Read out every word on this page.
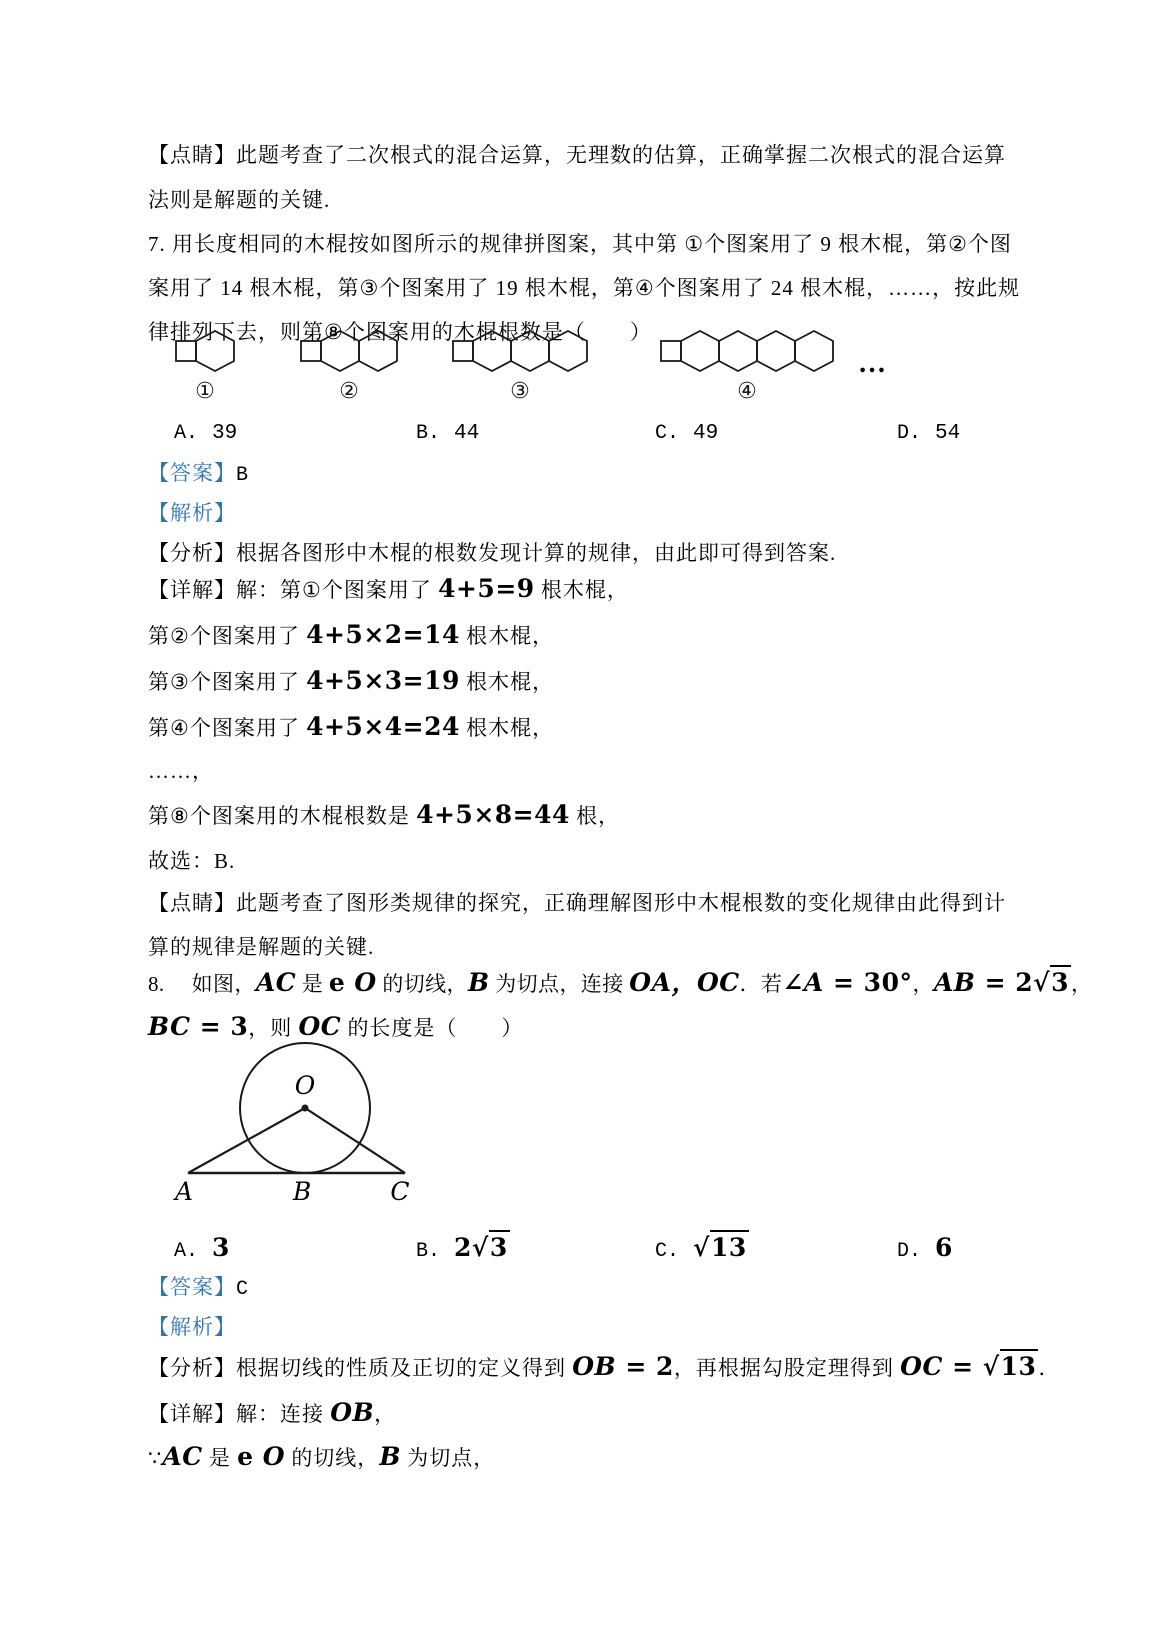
【点睛】此题考查了二次根式的混合运算，无理数的估算，正确掌握二次根式的混合运算
法则是解题的关键.
7. 用长度相同的木棍按如图所示的规律拼图案，其中第 ①个图案用了 9 根木棍，第②个图
案用了 14 根木棍，第③个图案用了 19 根木棍，第④个图案用了 24 根木棍，……，按此规
律排列下去，则第⑧个图案用的木棍根数是（　　）
①	②	③	④
…
A. 39	B. 44	C. 49	D. 54
【答案】B
【解析】
【分析】根据各图形中木棍的根数发现计算的规律，由此即可得到答案.
【详解】解：第①个图案用了 4+5=9 根木棍，
第②个图案用了 4+5×2=14 根木棍，
第③个图案用了 4+5×3=19 根木棍，
第④个图案用了 4+5×4=24 根木棍，
……，
第⑧个图案用的木棍根数是 4+5×8=44 根，
故选：B.
【点睛】此题考查了图形类规律的探究，正确理解图形中木棍根数的变化规律由此得到计
算的规律是解题的关键.
8.　 如图，AC 是 e O 的切线，B 为切点，连接 OA，OC．若∠A = 30°，AB = 2√3，
BC = 3，则 OC 的长度是（　　）
O
A	B	C
A. 3	B. 2√3	C. √13	D. 6
【答案】C
【解析】
【分析】根据切线的性质及正切的定义得到 OB = 2，再根据勾股定理得到 OC = √13．
【详解】解：连接 OB，
∵AC 是 e O 的切线，B 为切点，
